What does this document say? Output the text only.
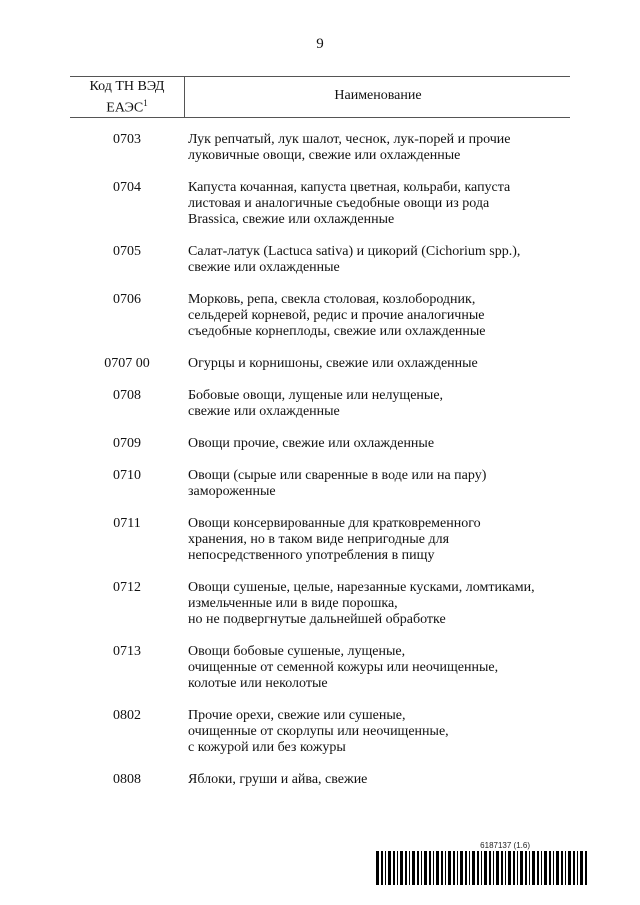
9
Код ТН ВЭД
ЕАЭС$^1$	Наименование
0703	Лук репчатый, лук шалот, чеснок, лук-порей и прочие
луковичные овощи, свежие или охлажденные
0704	Капуста кочанная, капуста цветная, кольраби, капуста
листовая и аналогичные съедобные овощи из рода
Brassica, свежие или охлажденные
0705	Салат-латук (Lactuca sativa) и цикорий (Cichorium spp.),
свежие или охлажденные
0706	Морковь, репа, свекла столовая, козлобородник,
сельдерей корневой, редис и прочие аналогичные
съедобные корнеплоды, свежие или охлажденные
0707 00	Огурцы и корнишоны, свежие или охлажденные
0708	Бобовые овощи, лущеные или нелущеные,
свежие или охлажденные
0709	Овощи прочие, свежие или охлажденные
0710	Овощи (сырые или сваренные в воде или на пару)
замороженные
0711	Овощи консервированные для кратковременного
хранения, но в таком виде непригодные для
непосредственного употребления в пищу
0712	Овощи сушеные, целые, нарезанные кусками, ломтиками,
измельченные или в виде порошка,
но не подвергнутые дальнейшей обработке
0713	Овощи бобовые сушеные, лущеные,
очищенные от семенной кожуры или неочищенные,
колотые или неколотые
0802	Прочие орехи, свежие или сушеные,
очищенные от скорлупы или неочищенные,
с кожурой или без кожуры
0808	Яблоки, груши и айва, свежие
6187137 (1.6)
